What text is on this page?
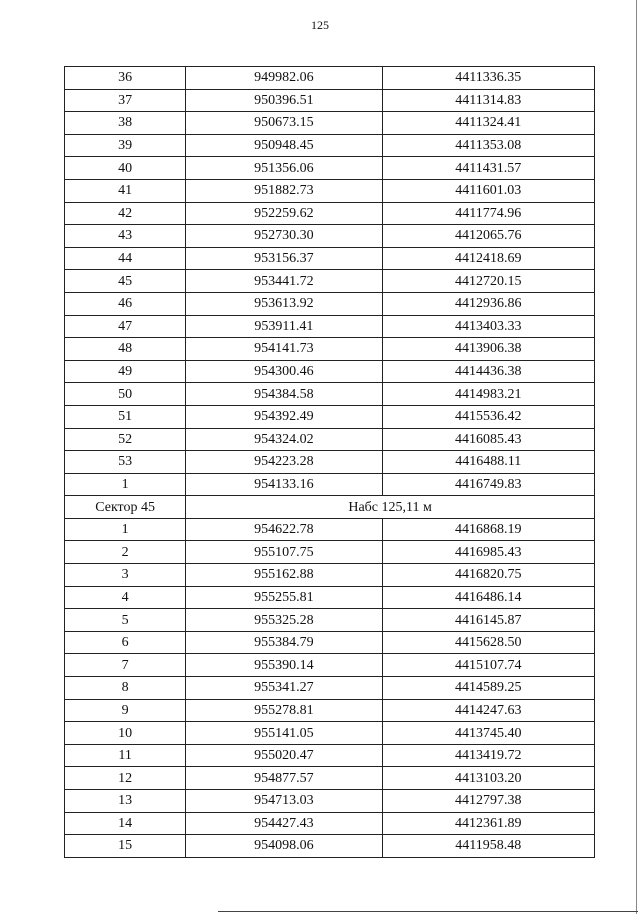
125
36	949982.06	4411336.35
37	950396.51	4411314.83
38	950673.15	4411324.41
39	950948.45	4411353.08
40	951356.06	4411431.57
41	951882.73	4411601.03
42	952259.62	4411774.96
43	952730.30	4412065.76
44	953156.37	4412418.69
45	953441.72	4412720.15
46	953613.92	4412936.86
47	953911.41	4413403.33
48	954141.73	4413906.38
49	954300.46	4414436.38
50	954384.58	4414983.21
51	954392.49	4415536.42
52	954324.02	4416085.43
53	954223.28	4416488.11
1	954133.16	4416749.83
Сектор 45	Набс 125,11 м	
1	954622.78	4416868.19
2	955107.75	4416985.43
3	955162.88	4416820.75
4	955255.81	4416486.14
5	955325.28	4416145.87
6	955384.79	4415628.50
7	955390.14	4415107.74
8	955341.27	4414589.25
9	955278.81	4414247.63
10	955141.05	4413745.40
11	955020.47	4413419.72
12	954877.57	4413103.20
13	954713.03	4412797.38
14	954427.43	4412361.89
15	954098.06	4411958.48
